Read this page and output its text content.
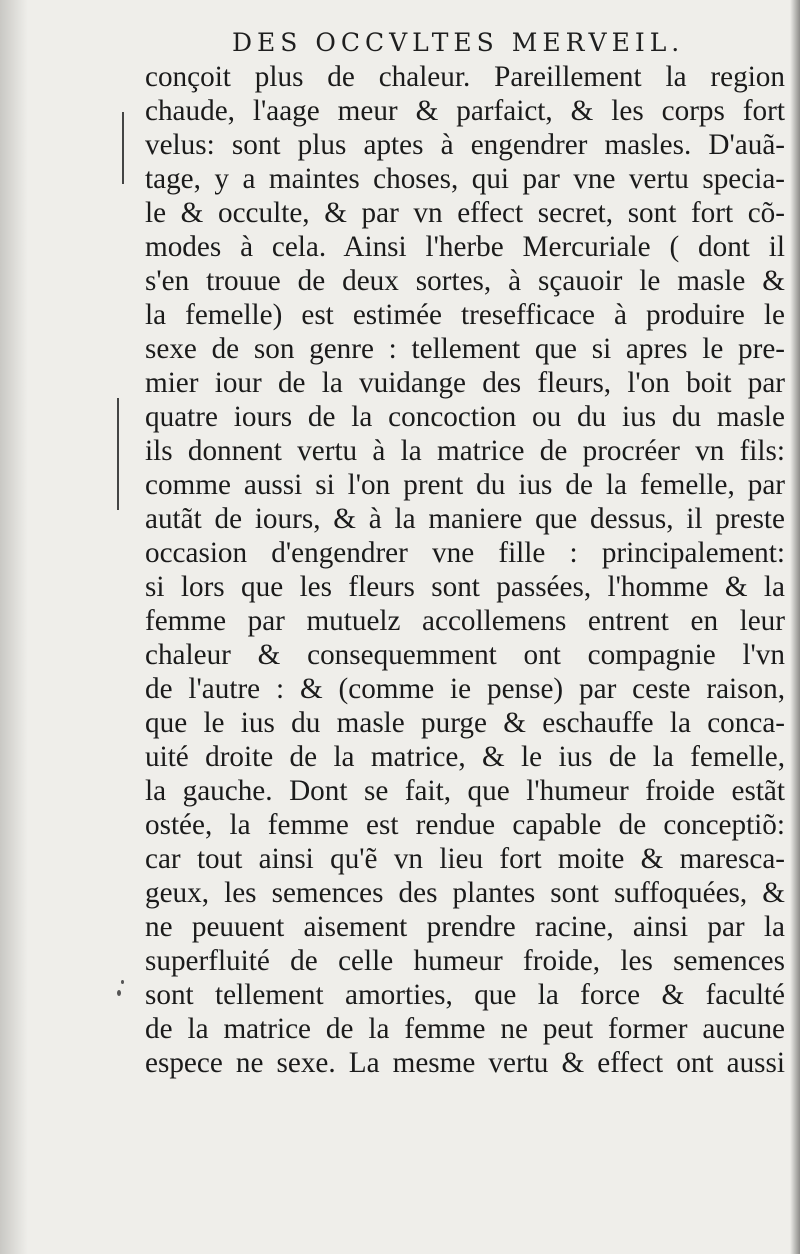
DES OCCVLTES MERVEIL.
conçoit plus de chaleur. Pareillement la region
chaude, l'aage meur & parfaict, & les corps fort
velus: sont plus aptes à engendrer masles. D'auã-
tage, y a maintes choses, qui par vne vertu specia-
le & occulte, & par vn effect secret, sont fort cõ-
modes à cela. Ainsi l'herbe Mercuriale ( dont il
s'en trouue de deux sortes, à sçauoir le masle &
la femelle) est estimée tresefficace à produire le
sexe de son genre : tellement que si apres le pre-
mier iour de la vuidange des fleurs, l'on boit par
quatre iours de la concoction ou du ius du masle
ils donnent vertu à la matrice de procréer vn fils:
comme aussi si l'on prent du ius de la femelle, par
autãt de iours, & à la maniere que dessus, il preste
occasion d'engendrer vne fille : principalement:
si lors que les fleurs sont passées, l'homme & la
femme par mutuelz accollemens entrent en leur
chaleur & consequemment ont compagnie l'vn
de l'autre : & (comme ie pense) par ceste raison,
que le ius du masle purge & eschauffe la conca-
uité droite de la matrice, & le ius de la femelle,
la gauche. Dont se fait, que l'humeur froide estãt
ostée, la femme est rendue capable de conceptiõ:
car tout ainsi qu'ẽ vn lieu fort moite & marescа-
geux, les semences des plantes sont suffoquées, &
ne peuuent aisement prendre racine, ainsi par la
superfluité de celle humeur froide, les semences
sont tellement amorties, que la force & faculté
de la matrice de la femme ne peut former aucune
espece ne sexe. La mesme vertu & effect ont aussi
